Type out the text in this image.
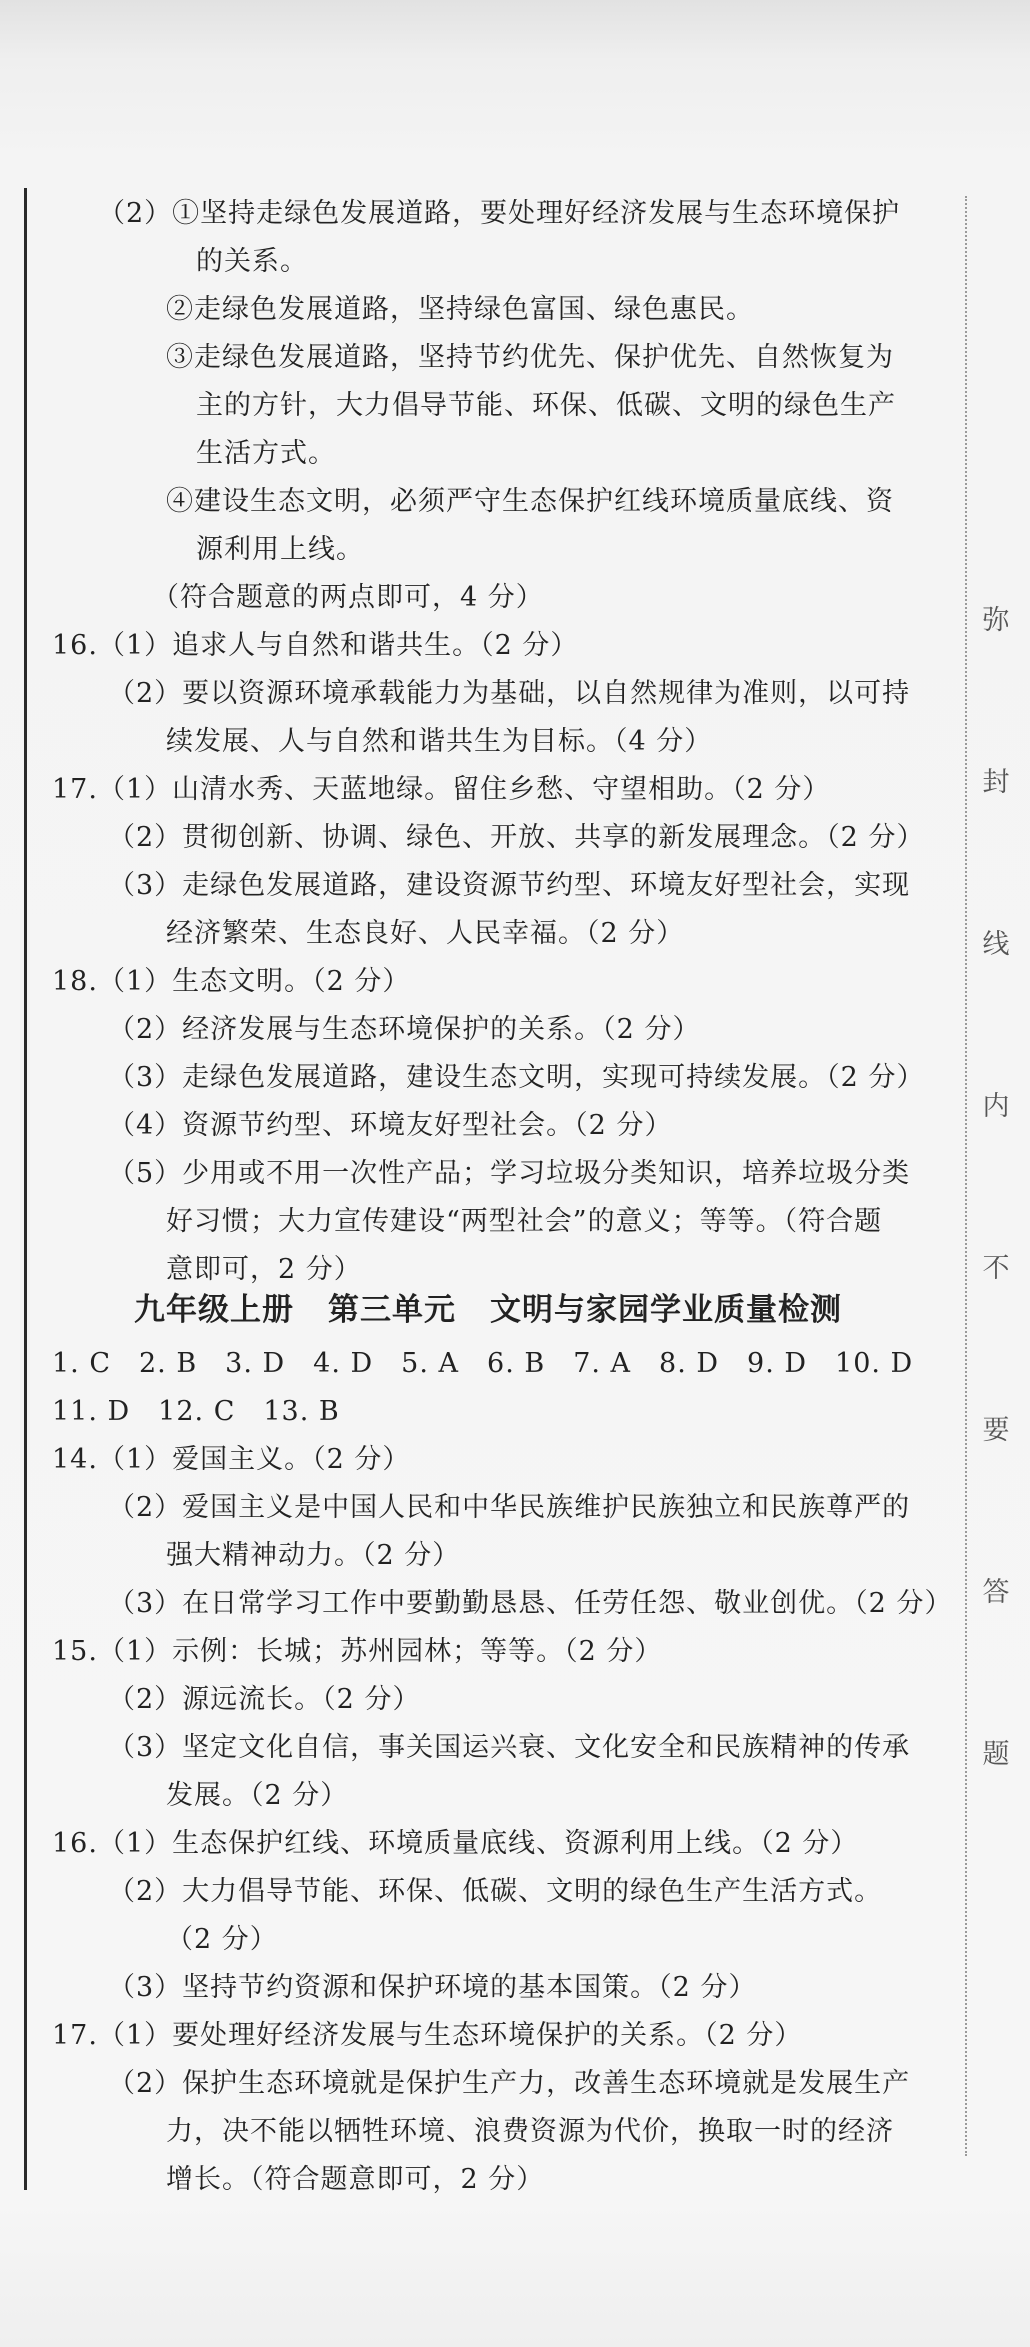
弥
封
线
内
不
要
答
题
（2）①坚持走绿色发展道路，要处理好经济发展与生态环境保护
的关系。
②走绿色发展道路，坚持绿色富国、绿色惠民。
③走绿色发展道路，坚持节约优先、保护优先、自然恢复为
主的方针，大力倡导节能、环保、低碳、文明的绿色生产
生活方式。
④建设生态文明，必须严守生态保护红线环境质量底线、资
源利用上线。
（符合题意的两点即可，4 分）
16.（1）追求人与自然和谐共生。（2 分）
（2）要以资源环境承载能力为基础，以自然规律为准则，以可持
续发展、人与自然和谐共生为目标。（4 分）
17.（1）山清水秀、天蓝地绿。留住乡愁、守望相助。（2 分）
（2）贯彻创新、协调、绿色、开放、共享的新发展理念。（2 分）
（3）走绿色发展道路，建设资源节约型、环境友好型社会，实现
经济繁荣、生态良好、人民幸福。（2 分）
18.（1）生态文明。（2 分）
（2）经济发展与生态环境保护的关系。（2 分）
（3）走绿色发展道路，建设生态文明，实现可持续发展。（2 分）
（4）资源节约型、环境友好型社会。（2 分）
（5）少用或不用一次性产品；学习垃圾分类知识，培养垃圾分类
好习惯；大力宣传建设“两型社会”的意义；等等。（符合题
意即可，2 分）
九年级上册 第三单元 文明与家园学业质量检测
1. C　2. B　3. D　4. D　5. A　6. B　7. A　8. D　9. D　10. D
11. D　12. C　13. B
14.（1）爱国主义。（2 分）
（2）爱国主义是中国人民和中华民族维护民族独立和民族尊严的
强大精神动力。（2 分）
（3）在日常学习工作中要勤勤恳恳、任劳任怨、敬业创优。（2 分）
15.（1）示例：长城；苏州园林；等等。（2 分）
（2）源远流长。（2 分）
（3）坚定文化自信，事关国运兴衰、文化安全和民族精神的传承
发展。（2 分）
16.（1）生态保护红线、环境质量底线、资源利用上线。（2 分）
（2）大力倡导节能、环保、低碳、文明的绿色生产生活方式。
（2 分）
（3）坚持节约资源和保护环境的基本国策。（2 分）
17.（1）要处理好经济发展与生态环境保护的关系。（2 分）
（2）保护生态环境就是保护生产力，改善生态环境就是发展生产
力，决不能以牺牲环境、浪费资源为代价，换取一时的经济
增长。（符合题意即可，2 分）
